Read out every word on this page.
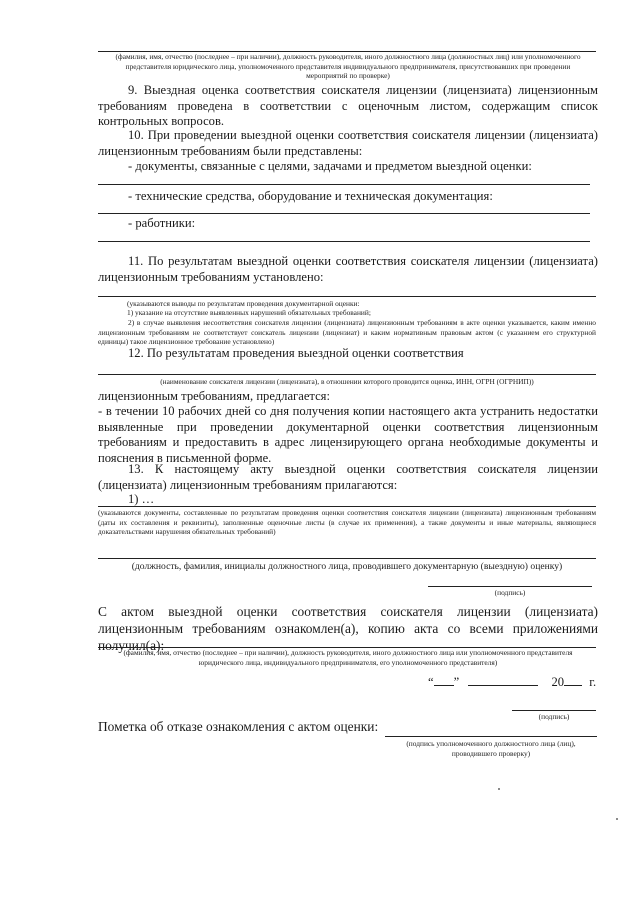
(фамилия, имя, отчество (последнее – при наличии), должность руководителя, иного должностного лица (должностных лиц) или уполномоченного представителя юридического лица, уполномоченного представителя индивидуального предпринимателя, присутствовавших при проведении мероприятий по проверке)
9. Выездная оценка соответствия соискателя лицензии (лицензиата) лицензионным требованиям проведена в соответствии с оценочным листом, содержащим список контрольных вопросов.
10. При проведении выездной оценки соответствия соискателя лицензии (лицензиата) лицензионным требованиям были представлены:
- документы, связанные с целями, задачами и предметом выездной оценки:
- технические средства, оборудование и техническая документация:
- работники:
11. По результатам выездной оценки соответствия соискателя лицензии (лицензиата) лицензионным требованиям установлено:
(указываются выводы по результатам проведения документарной оценки:
1) указание на отсутствие выявленных нарушений обязательных требований;
2) в случае выявления несоответствия соискателя лицензии (лицензиата) лицензионным требованиям в акте оценки указывается, каким именно лицензионным требованиям не соответствует соискатель лицензии (лицензиат) и каким нормативным правовым актом (с указанием его структурной единицы) такое лицензионное требование установлено)
12. По результатам проведения выездной оценки соответствия
(наименование соискателя лицензии (лицензиата), в отношении которого проводится оценка, ИНН, ОГРН (ОГРНИП))
лицензионным требованиям, предлагается:
- в течении 10 рабочих дней со дня получения копии настоящего акта устранить недостатки выявленные при проведении документарной оценки соответствия лицензионным требованиям и предоставить в адрес лицензирующего органа необходимые документы и пояснения в письменной форме.
13. К настоящему акту выездной оценки соответствия соискателя лицензии (лицензиата) лицензионным требованиям прилагаются:
1) …
(указываются документы, составленные по результатам проведения оценки соответствия соискателя лицензии (лицензиата) лицензионным требованиям (даты их составления и реквизиты), заполненные оценочные листы (в случае их применения), а также документы и иные материалы, являющиеся доказательствами нарушения обязательных требований)
(должность, фамилия, инициалы должностного лица, проводившего документарную (выездную) оценку)
(подпись)
С актом выездной оценки соответствия соискателя лицензии (лицензиата) лицензионным требованиям ознакомлен(а), копию акта со всеми приложениями получил(а):
(фамилия, имя, отчество (последнее – при наличии), должность руководителя, иного должностного лица или уполномоченного представителя юридического лица, индивидуального предпринимателя, его уполномоченного представителя)
“ ”	20 г.
(подпись)
Пометка об отказе ознакомления с актом оценки:
(подпись уполномоченного должностного лица (лиц), проводившего проверку)
